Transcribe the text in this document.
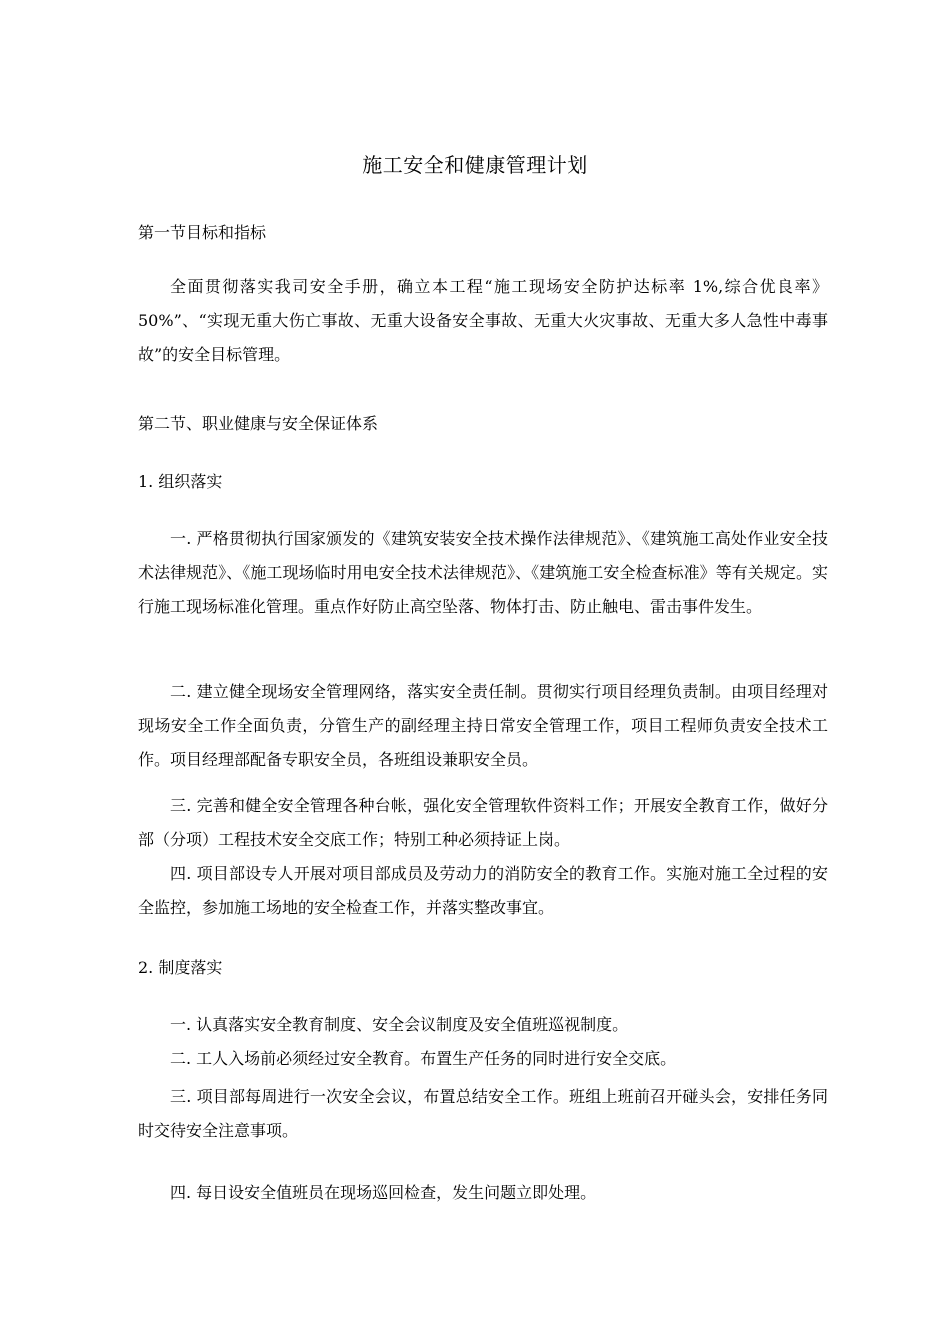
施工安全和健康管理计划
第一节目标和指标

全面贯彻落实我司安全手册，确立本工程“施工现场安全防护达标率 1%,综合优良率》50%”、“实现无重大伤亡事故、无重大设备安全事故、无重大火灾事故、无重大多人急性中毒事故”的安全目标管理。

第二节、职业健康与安全保证体系
1. 组织落实

一. 严格贯彻执行国家颁发的《建筑安装安全技术操作法律规范》、《建筑施工高处作业安全技术法律规范》、《施工现场临时用电安全技术法律规范》、《建筑施工安全检查标准》等有关规定。实行施工现场标准化管理。重点作好防止高空坠落、物体打击、防止触电、雷击事件发生。

二. 建立健全现场安全管理网络，落实安全责任制。贯彻实行项目经理负责制。由项目经理对现场安全工作全面负责，分管生产的副经理主持日常安全管理工作，项目工程师负责安全技术工作。项目经理部配备专职安全员，各班组设兼职安全员。

三. 完善和健全安全管理各种台帐，强化安全管理软件资料工作；开展安全教育工作，做好分部（分项）工程技术安全交底工作；特别工种必须持证上岗。

四. 项目部设专人开展对项目部成员及劳动力的消防安全的教育工作。实施对施工全过程的安全监控，参加施工场地的安全检查工作，并落实整改事宜。

2. 制度落实

一. 认真落实安全教育制度、安全会议制度及安全值班巡视制度。

二. 工人入场前必须经过安全教育。布置生产任务的同时进行安全交底。

三. 项目部每周进行一次安全会议，布置总结安全工作。班组上班前召开碰头会，安排任务同时交待安全注意事项。

四. 每日设安全值班员在现场巡回检查，发生问题立即处理。
